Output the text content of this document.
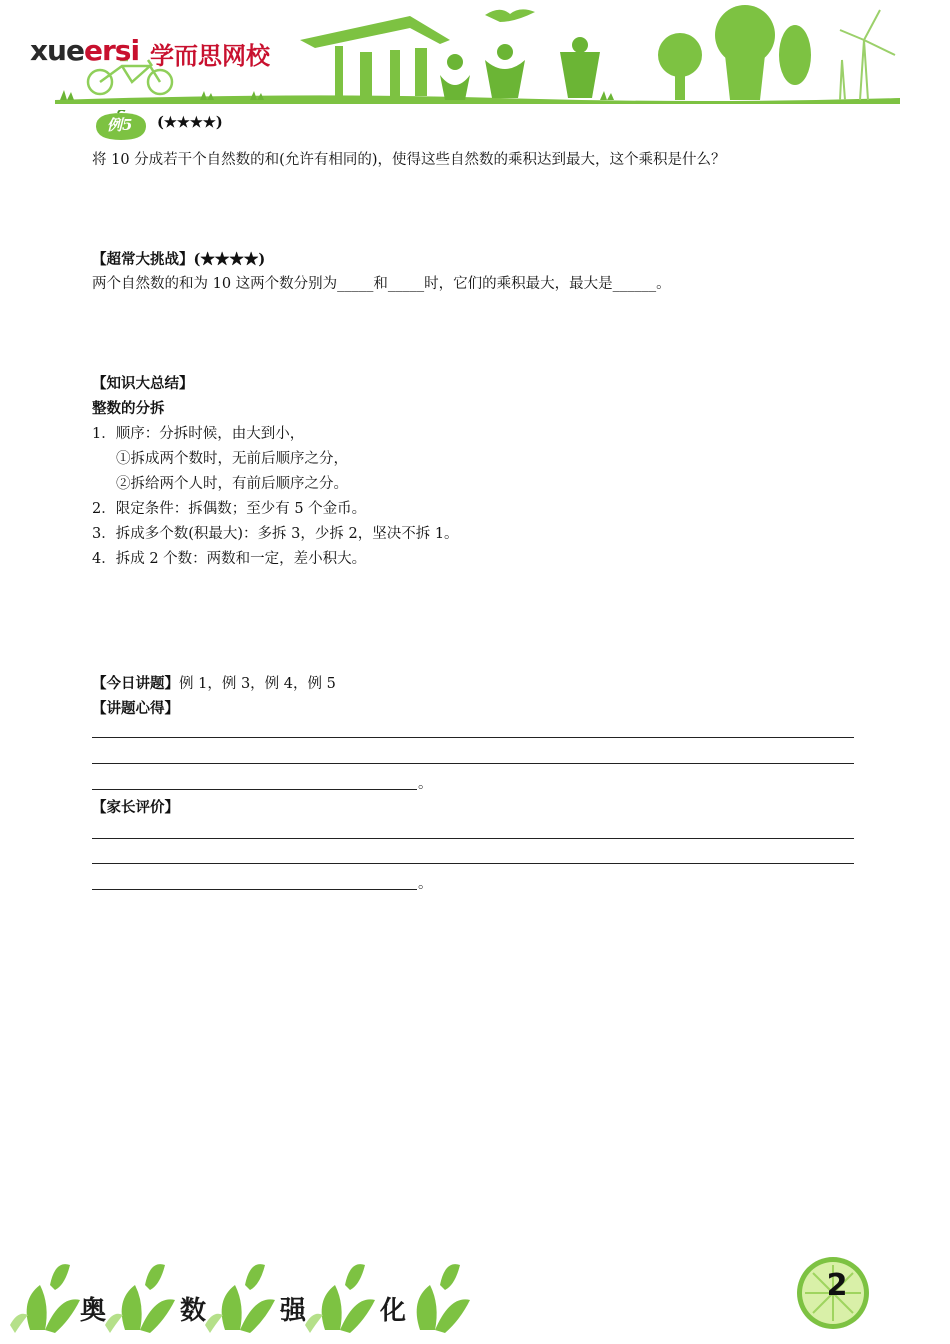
xueersi 学而思网校
例5 (★★★★)
将 10 分成若干个自然数的和(允许有相同的)，使得这些自然数的乘积达到最大，这个乘积是什么？
【超常大挑战】(★★★★)
两个自然数的和为 10 这两个数分别为_____和_____时，它们的乘积最大，最大是______。
【知识大总结】
整数的分拆
1．顺序：分拆时候，由大到小，
①拆成两个数时，无前后顺序之分，
②拆给两个人时，有前后顺序之分。
2．限定条件：拆偶数；至少有 5 个金币。
3．拆成多个数(积最大)：多拆 3，少拆 2，坚决不拆 1。
4．拆成 2 个数：两数和一定，差小积大。
【今日讲题】例 1，例 3，例 4，例 5
【讲题心得】
。
【家长评价】
。
奥	数	强	化
2
